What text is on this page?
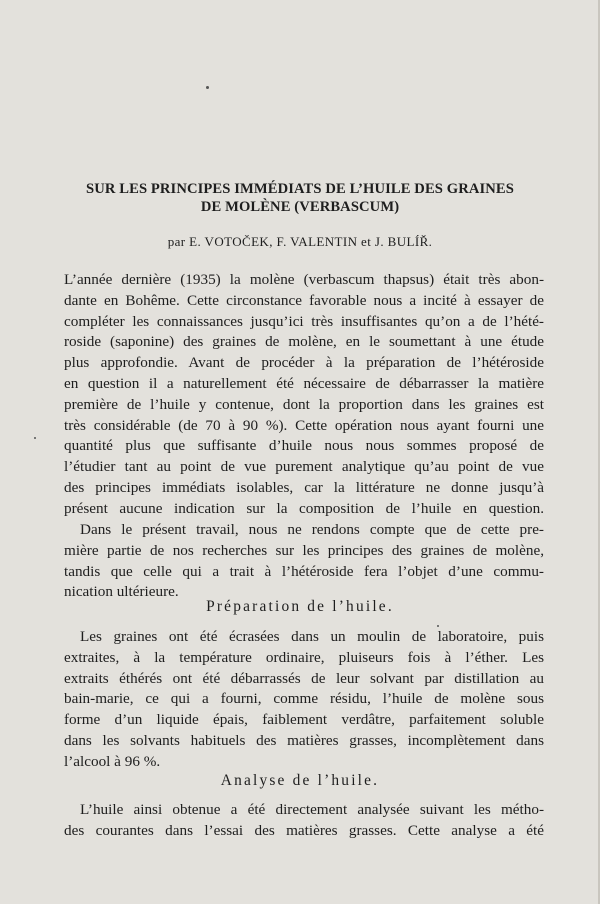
SUR LES PRINCIPES IMMÉDIATS DE L’HUILE DES GRAINES
DE MOLÈNE (VERBASCUM)
par E. VOTOČEK, F. VALENTIN et J. BULÍŘ.

L’année dernière (1935) la molène (verbascum thapsus) était très abon-

dante en Bohême. Cette circonstance favorable nous a incité à essayer de

compléter les connaissances jusqu’ici très insuffisantes qu’on a de l’hété-

roside (saponine) des graines de molène, en le soumettant à une étude

plus approfondie. Avant de procéder à la préparation de l’hétéroside

en question il a naturellement été nécessaire de débarrasser la matière

première de l’huile y contenue, dont la proportion dans les graines est

très considérable (de 70 à 90 %). Cette opération nous ayant fourni une

quantité plus que suffisante d’huile nous nous sommes proposé de

l’étudier tant au point de vue purement analytique qu’au point de vue

des principes immédiats isolables, car la littérature ne donne jusqu’à

présent aucune indication sur la composition de l’huile en question.

Dans le présent travail, nous ne rendons compte que de cette pre-

mière partie de nos recherches sur les principes des graines de molène,

tandis que celle qui a trait à l’hétéroside fera l’objet d’une commu-

nication ultérieure.

Préparation de l’huile.

Les graines ont été écrasées dans un moulin de laboratoire, puis

extraites, à la température ordinaire, pluiseurs fois à l’éther. Les

extraits éthérés ont été débarrassés de leur solvant par distillation au

bain-marie, ce qui a fourni, comme résidu, l’huile de molène sous

forme d’un liquide épais, faiblement verdâtre, parfaitement soluble

dans les solvants habituels des matières grasses, incomplètement dans

l’alcool à 96 %.

Analyse de l’huile.

L’huile ainsi obtenue a été directement analysée suivant les métho-

des courantes dans l’essai des matières grasses. Cette analyse a été
